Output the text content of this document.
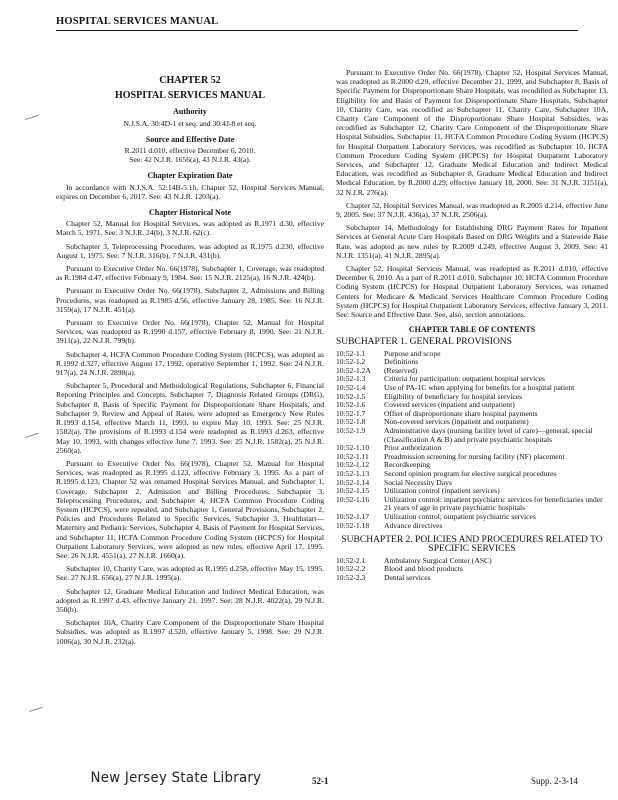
HOSPITAL SERVICES MANUAL
CHAPTER 52
HOSPITAL SERVICES MANUAL
Authority

N.J.S.A. 30:4D-1 et seq. and 30:4J-8 et seq.

Source and Effective Date

R.2011 d.010, effective December 6, 2010.
See: 42 N.J.R. 1656(a), 43 N.J.R. 43(a).

Chapter Expiration Date

In accordance with N.J.S.A. 52:14B-5.1b, Chapter 52, Hospital Services Manual, expires on December 6, 2017. See: 43 N.J.R. 1203(a).

Chapter Historical Note

Chapter 52, Manual for Hospital Services, was adopted as R.1971 d.30, effective March 5, 1971. See: 3 N.J.R. 24(b), 3 N.J.R. 62(c).

Subchapter 3, Teleprocessing Procedures, was adopted as R.1975 d.230, effective August 1, 1975. See: 7 N.J.R. 316(b), 7 N.J.R. 431(b).

Pursuant to Executive Order No. 66(1978), Subchapter 1, Coverage, was readopted as R.1984 d.47, effective February 9, 1984. See: 15 N.J.R. 2125(a), 16 N.J.R. 424(b).

Pursuant to Executive Order No. 66(1978), Subchapter 2, Admissions and Billing Procedures, was readopted as R.1985 d.56, effective January 28, 1985. See: 16 N.J.R. 3159(a), 17 N.J.R. 451(a).

Pursuant to Executive Order No. 66(1978), Chapter 52, Manual for Hospital Services, was readopted as R.1990 d.157, effective February 8, 1990. See: 21 N.J.R. 3911(a), 22 N.J.R. 799(b).

Subchapter 4, HCFA Common Procedure Coding System (HCPCS), was adopted as R.1992 d.327, effective August 17, 1992, operative September 1, 1992. See: 24 N.J.R. 917(a), 24 N.J.R. 2898(a).

Subchapter 5, Procedural and Methodological Regulations, Subchapter 6, Financial Reporting Principles and Concepts, Subchapter 7, Diagnosis Related Groups (DRG), Subchapter 8, Basis of Specific Payment for Disproportionate Share Hospitals, and Subchapter 9, Review and Appeal of Rates, were adopted as Emergency New Rules R.1993 d.154, effective March 11, 1993, to expire May 10, 1993. See: 25 N.J.R. 1582(a). The provisions of R.1993 d.154 were readopted as R.1993 d.263, effective May 10, 1993, with changes effective June 7, 1993. See: 25 N.J.R. 1582(a), 25 N.J.R. 2560(a).

Pursuant to Executive Order No. 66(1978), Chapter 52, Manual for Hospital Services, was readopted as R.1995 d.123, effective February 3, 1995. As a part of R.1995 d.123, Chapter 52 was renamed Hospital Services Manual, and Subchapter 1, Coverage, Subchapter 2, Admission and Billing Procedures, Subchapter 3, Teleprocessing Procedures, and Subchapter 4, HCFA Common Procedure Coding System (HCPCS), were repealed, and Subchapter 1, General Provisions, Subchapter 2, Policies and Procedures Related to Specific Services, Subchapter 3, Healthstart—Maternity and Pediatric Services, Subchapter 4, Basis of Payment for Hospital Services, and Subchapter 11, HCFA Common Procedure Coding System (HCPCS) for Hospital Outpatient Laboratory Services, were adopted as new rules, effective April 17, 1995. See: 26 N.J.R. 4551(a), 27 N.J.R. 1660(a).

Subchapter 10, Charity Care, was adopted as R.1995 d.258, effective May 15, 1995. See: 27 N.J.R. 656(a), 27 N.J.R. 1995(a).

Subchapter 12, Graduate Medical Education and Indirect Medical Education, was adopted as R.1997 d.43, effective January 21, 1997. See: 28 N.J.R. 4022(a), 29 N.J.R. 350(b).

Subchapter 10A, Charity Care Component of the Disproportionate Share Hospital Subsidies, was adopted as R.1997 d.520, effective January 5, 1998. See: 29 N.J.R. 1006(a), 30 N.J.R. 232(a).

Pursuant to Executive Order No. 66(1978), Chapter 52, Hospital Services Manual, was readopted as R.2000 d.29, effective December 21, 1999, and Subchapter 8, Basis of Specific Payment for Disproportionate Share Hospitals, was recodified as Subchapter 13, Eligibility for and Basis of Payment for Disproportionate Share Hospitals, Subchapter 10, Charity Care, was recodified as Subchapter 11, Charity Care, Subchapter 10A, Charity Care Component of the Disproportionate Share Hospital Subsidies, was recodified as Subchapter 12, Charity Care Component of the Disproportionate Share Hospital Subsidies, Subchapter 11, HCFA Common Procedure Coding System (HCPCS) for Hospital Outpatient Laboratory Services, was recodified as Subchapter 10, HCFA Common Procedure Coding System (HCPCS) for Hospital Outpatient Laboratory Services, and Subchapter 12, Graduate Medical Education and Indirect Medical Education, was recodified as Subchapter 8, Graduate Medical Education and Indirect Medical Education, by R.2000 d.29, effective January 18, 2000. See: 31 N.J.R. 3151(a), 32 N.J.R. 276(a).

Chapter 52, Hospital Services Manual, was readopted as R.2005 d.214, effective June 9, 2005. See: 37 N.J.R. 436(a), 37 N.J.R. 2506(a).

Subchapter 14, Methodology for Establishing DRG Payment Rates for Inpatient Services at General Acute Care Hospitals Based on DRG Weights and a Statewide Base Rate, was adopted as new rules by R.2009 d.249, effective August 3, 2009. See: 41 N.J.R. 1351(a), 41 N.J.R. 2895(a).

Chapter 52, Hospital Services Manual, was readopted as R.2011 d.010, effective December 6, 2010. As a part of R.2011 d.010, Subchapter 10, HCFA Common Procedure Coding System (HCPCS) for Hospital Outpatient Laboratory Services, was renamed Centers for Medicare & Medicaid Services Healthcare Common Procedure Coding System (HCPCS) for Hospital Outpatient Laboratory Services, effective January 3, 2011. See: Source and Effective Date. See, also, section annotations.

CHAPTER TABLE OF CONTENTS
SUBCHAPTER 1. GENERAL PROVISIONS
10:52-1.1	Purpose and scope
10:52-1.2	Definitions
10:52-1.2A	(Reserved)
10:52-1.3	Criteria for participation: outpatient hospital services
10:52-1.4	Use of PA-1C when applying for benefits for a hospital patient
10:52-1.5	Eligibility of beneficiary for hospital services
10:52-1.6	Covered services (inpatient and outpatient)
10:52-1.7	Offset of disproportionate share hospital payments
10:52-1.8	Non-covered services (inpatient and outpatient)
10:52-1.9	Administrative days (nursing facility level of care)—general, special (Classification A & B) and private psychiatric hospitals
10:52-1.10	Prior authorization
10:52-1.11	Preadmission screening for nursing facility (NF) placement
10:52-1.12	Recordkeeping
10:52-1.13	Second opinion program for elective surgical procedures
10:52-1.14	Social Necessity Days
10:52-1.15	Utilization control (inpatient services)
10:52-1.16	Utilization control: inpatient psychiatric services for beneficiaries under 21 years of age in private psychiatric hospitals
10:52-1.17	Utilization control; outpatient psychiatric services
10:52-1.18	Advance directives
SUBCHAPTER 2. POLICIES AND PROCEDURES RELATED TO SPECIFIC SERVICES
10:52-2.1	Ambulatory Surgical Center (ASC)
10:52-2.2	Blood and blood products
10:52-2.3	Dental services
New Jersey State Library	52-1	Supp. 2-3-14
